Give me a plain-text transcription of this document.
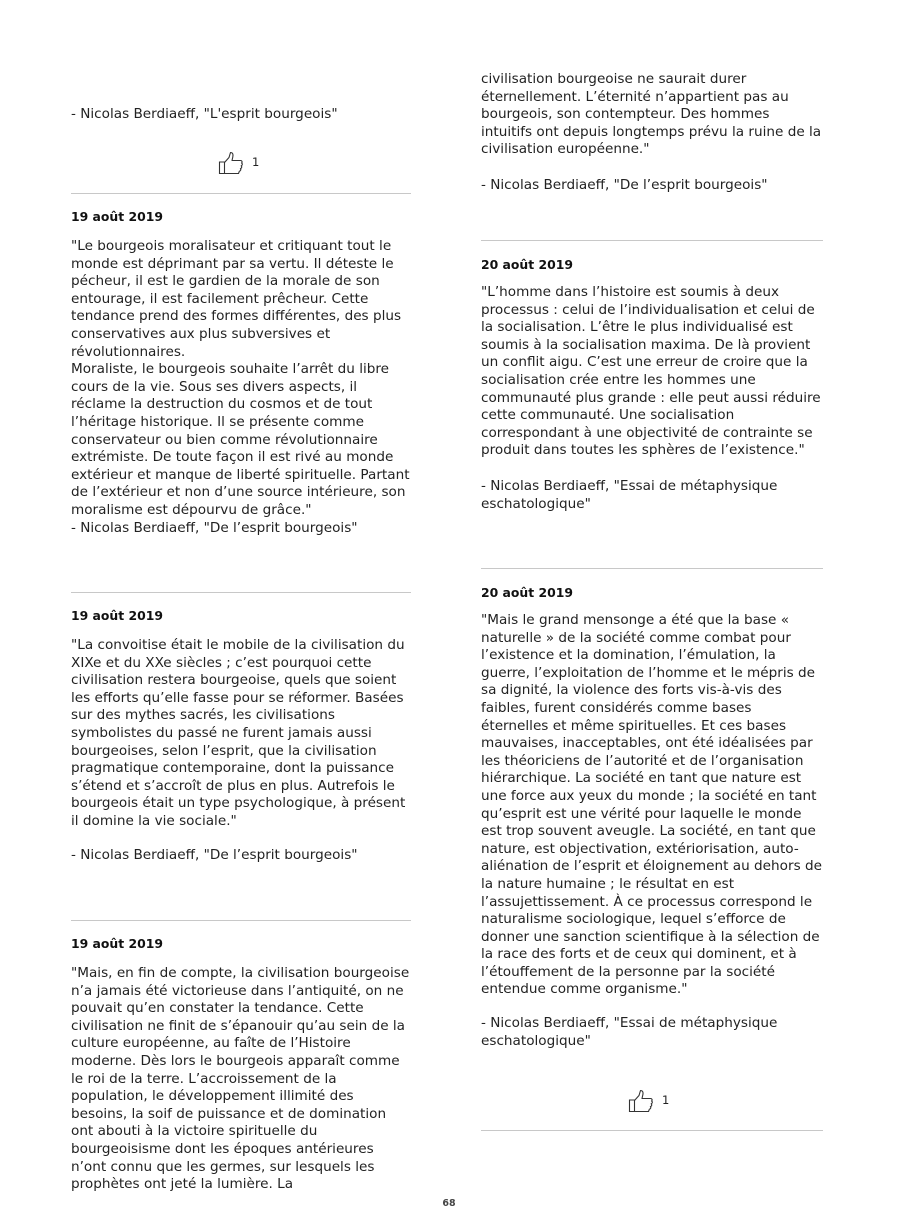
- Nicolas Berdiaeff, "L'esprit bourgeois"

1
19 août 2019

"Le bourgeois moralisateur et critiquant tout le monde est déprimant par sa vertu. Il déteste le pécheur, il est le gardien de la morale de son entourage, il est facilement prêcheur. Cette tendance prend des formes différentes, des plus conservatives aux plus subversives et révolutionnaires.
Moraliste, le bourgeois souhaite l’arrêt du libre cours de la vie. Sous ses divers aspects, il réclame la destruction du cosmos et de tout l’héritage historique. Il se présente comme conservateur ou bien comme révolutionnaire extrémiste. De toute façon il est rivé au monde extérieur et manque de liberté spirituelle. Partant de l’extérieur et non d’une source intérieure, son moralisme est dépourvu de grâce."
- Nicolas Berdiaeff, "De l’esprit bourgeois"

19 août 2019

"La convoitise était le mobile de la civilisation du XIXe et du XXe siècles ; c’est pourquoi cette civilisation restera bourgeoise, quels que soient les efforts qu’elle fasse pour se réformer. Basées sur des mythes sacrés, les civilisations symbolistes du passé ne furent jamais aussi bourgeoises, selon l’esprit, que la civilisation pragmatique contemporaine, dont la puissance s’étend et s’accroît de plus en plus. Autrefois le bourgeois était un type psychologique, à présent il domine la vie sociale."

- Nicolas Berdiaeff, "De l’esprit bourgeois"

19 août 2019

"Mais, en fin de compte, la civilisation bourgeoise n’a jamais été victorieuse dans l’antiquité, on ne pouvait qu’en constater la tendance. Cette civilisation ne finit de s’épanouir qu’au sein de la culture européenne, au faîte de l’Histoire moderne. Dès lors le bourgeois apparaît comme le roi de la terre. L’accroissement de la population, le développement illimité des besoins, la soif de puissance et de domination ont abouti à la victoire spirituelle du bourgeoisisme dont les époques antérieures n’ont connu que les germes, sur lesquels les prophètes ont jeté la lumière. La

civilisation bourgeoise ne saurait durer éternellement. L’éternité n’appartient pas au bourgeois, son contempteur. Des hommes intuitifs ont depuis longtemps prévu la ruine de la civilisation européenne."

- Nicolas Berdiaeff, "De l’esprit bourgeois"

20 août 2019

"L’homme dans l’histoire est soumis à deux processus : celui de l’individualisation et celui de la socialisation. L’être le plus individualisé est soumis à la socialisation maxima. De là provient un conflit aigu. C’est une erreur de croire que la socialisation crée entre les hommes une communauté plus grande : elle peut aussi réduire cette communauté. Une socialisation correspondant à une objectivité de contrainte se produit dans toutes les sphères de l’existence."

- Nicolas Berdiaeff, "Essai de métaphysique eschatologique"

20 août 2019

"Mais le grand mensonge a été que la base « naturelle » de la société comme combat pour l’existence et la domination, l’émulation, la guerre, l’exploitation de l’homme et le mépris de sa dignité, la violence des forts vis-à-vis des faibles, furent considérés comme bases éternelles et même spirituelles. Et ces bases mauvaises, inacceptables, ont été idéalisées par les théoriciens de l’autorité et de l’organisation hiérarchique. La société en tant que nature est une force aux yeux du monde ; la société en tant qu’esprit est une vérité pour laquelle le monde est trop souvent aveugle. La société, en tant que nature, est objectivation, extériorisation, auto-aliénation de l’esprit et éloignement au dehors de la nature humaine ; le résultat en est l’assujettissement. À ce processus correspond le naturalisme sociologique, lequel s’efforce de donner une sanction scientifique à la sélection de la race des forts et de ceux qui dominent, et à l’étouffement de la personne par la société entendue comme organisme."

- Nicolas Berdiaeff, "Essai de métaphysique eschatologique"

1
68
